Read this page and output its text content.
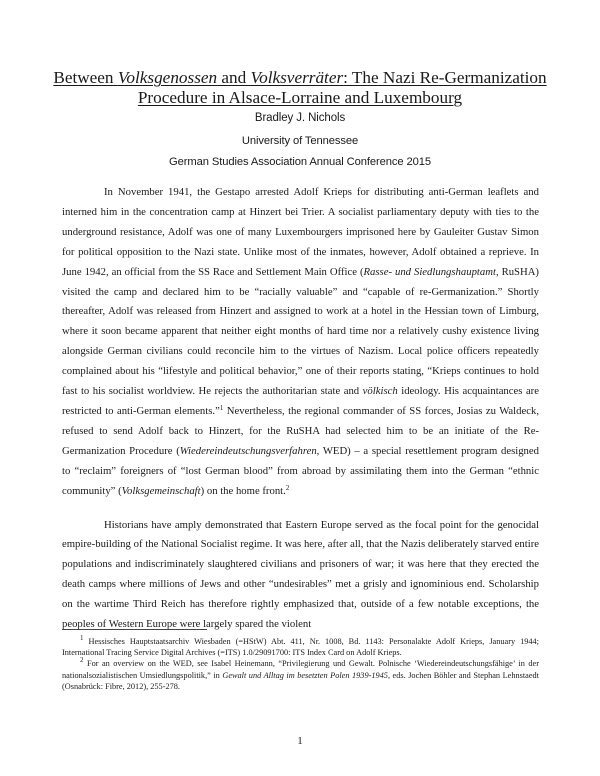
Between Volksgenossen and Volksverräter: The Nazi Re-Germanization
Procedure in Alsace-Lorraine and Luxembourg
Bradley J. Nichols
University of Tennessee
German Studies Association Annual Conference 2015

In November 1941, the Gestapo arrested Adolf Krieps for distributing anti-German leaflets and interned him in the concentration camp at Hinzert bei Trier. A socialist parliamentary deputy with ties to the underground resistance, Adolf was one of many Luxembourgers imprisoned here by Gauleiter Gustav Simon for political opposition to the Nazi state. Unlike most of the inmates, however, Adolf obtained a reprieve. In June 1942, an official from the SS Race and Settlement Main Office (Rasse- und Siedlungshauptamt, RuSHA) visited the camp and declared him to be “racially valuable” and “capable of re-Germanization.” Shortly thereafter, Adolf was released from Hinzert and assigned to work at a hotel in the Hessian town of Limburg, where it soon became apparent that neither eight months of hard time nor a relatively cushy existence living alongside German civilians could reconcile him to the virtues of Nazism. Local police officers repeatedly complained about his “lifestyle and political behavior,” one of their reports stating, “Krieps continues to hold fast to his socialist worldview. He rejects the authoritarian state and völkisch ideology. His acquaintances are restricted to anti-German elements.”$^1$ Nevertheless, the regional commander of SS forces, Josias zu Waldeck, refused to send Adolf back to Hinzert, for the RuSHA had selected him to be an initiate of the Re-Germanization Procedure (Wiedereindeutschungsverfahren, WED) – a special resettlement program designed to “reclaim” foreigners of “lost German blood” from abroad by assimilating them into the German “ethnic community” (Volksgemeinschaft) on the home front.$^2$

Historians have amply demonstrated that Eastern Europe served as the focal point for the genocidal empire-building of the National Socialist regime. It was here, after all, that the Nazis deliberately starved entire populations and indiscriminately slaughtered civilians and prisoners of war; it was here that they erected the death camps where millions of Jews and other “undesirables” met a grisly and ignominious end. Scholarship on the wartime Third Reich has therefore rightly emphasized that, outside of a few notable exceptions, the peoples of Western Europe were largely spared the violent

$^1$ Hessisches Hauptstaatsarchiv Wiesbaden (=HStW) Abt. 411, Nr. 1008, Bd. 1143: Personalakte Adolf Krieps, January 1944; International Tracing Service Digital Archives (=ITS) 1.0/29091700: ITS Index Card on Adolf Krieps.

$^2$ For an overview on the WED, see Isabel Heinemann, “Privilegierung und Gewalt. Polnische ‘Wiedereindeutschungsfähige’ in der nationalsozialistischen Umsiedlungspolitik,” in Gewalt und Alltag im besetzten Polen 1939-1945, eds. Jochen Böhler and Stephan Lehnstaedt (Osnabrück: Fibre, 2012), 255-278.

1
